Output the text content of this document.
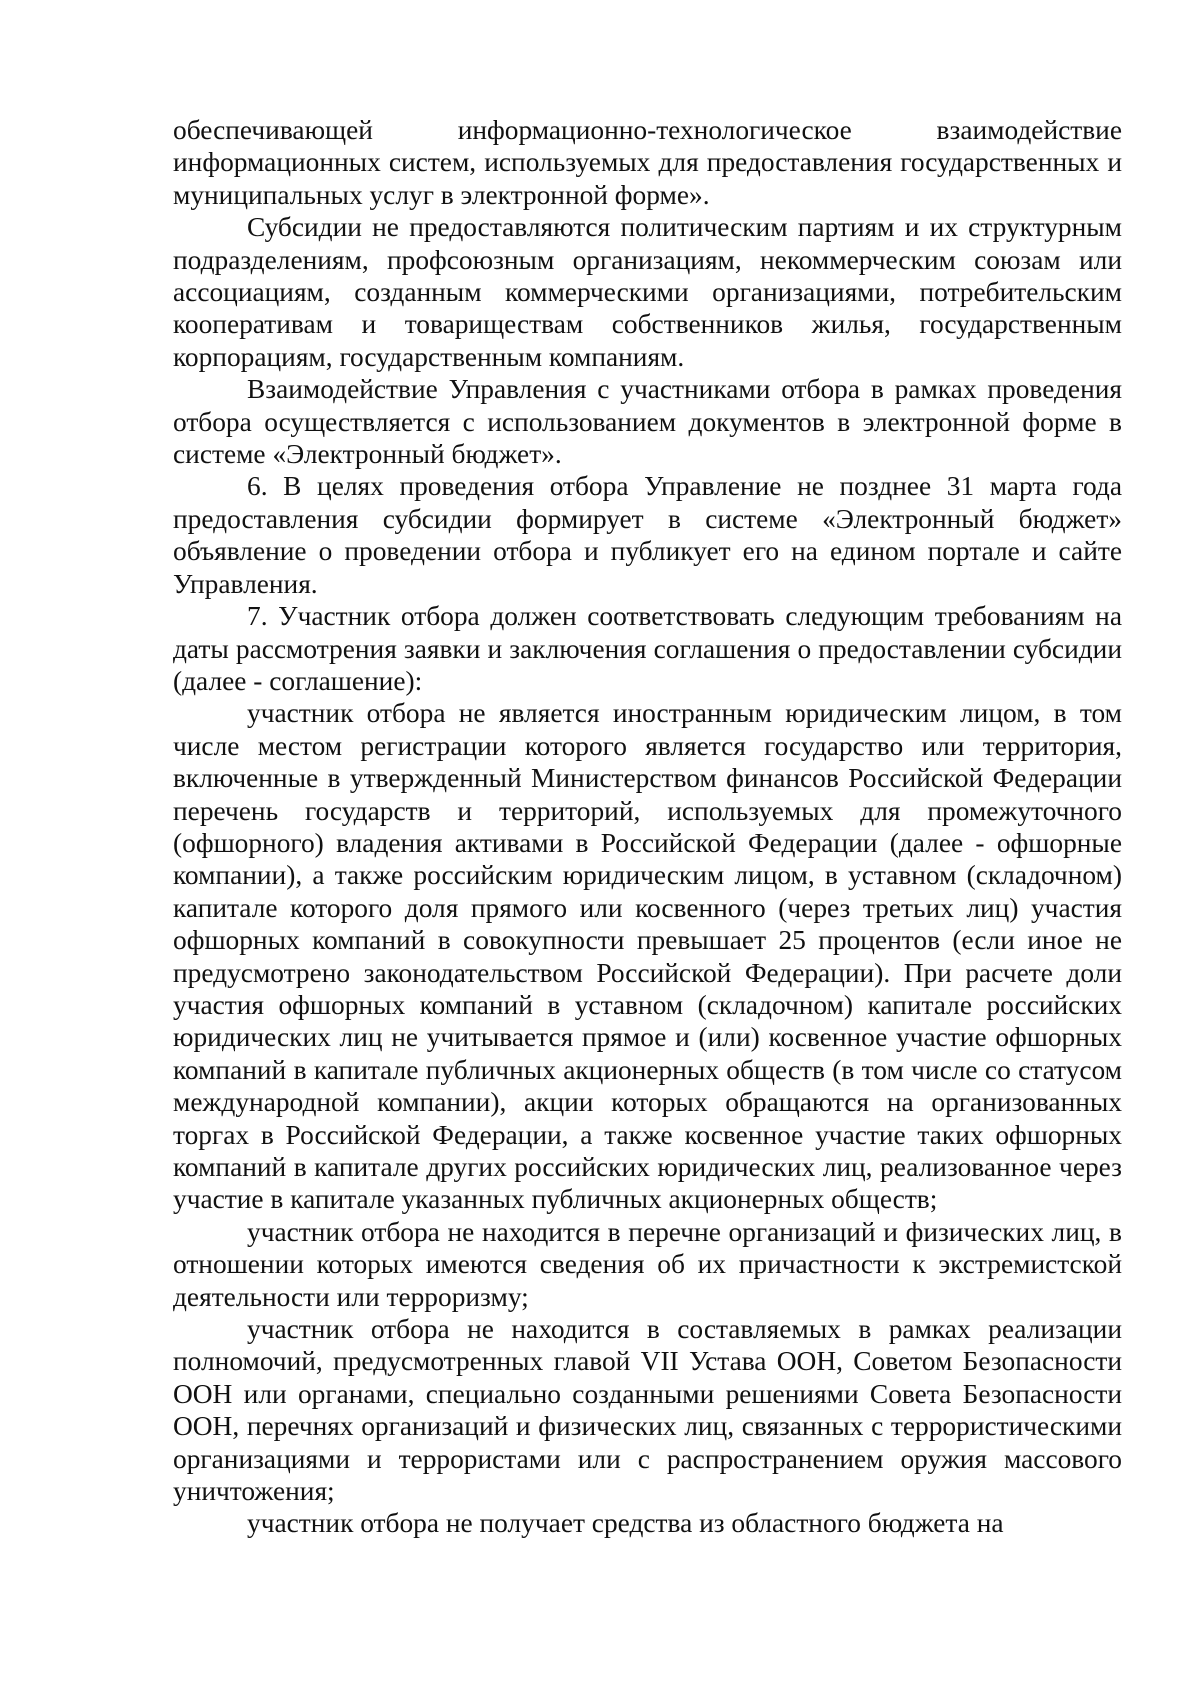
обеспечивающей информационно-технологическое взаимодействие информационных систем, используемых для предоставления государственных и муниципальных услуг в электронной форме».

Субсидии не предоставляются политическим партиям и их структурным подразделениям, профсоюзным организациям, некоммерческим союзам или ассоциациям, созданным коммерческими организациями, потребительским кооперативам и товариществам собственников жилья, государственным корпорациям, государственным компаниям.

Взаимодействие Управления с участниками отбора в рамках проведения отбора осуществляется с использованием документов в электронной форме в системе «Электронный бюджет».

6. В целях проведения отбора Управление не позднее 31 марта года предоставления субсидии формирует в системе «Электронный бюджет» объявление о проведении отбора и публикует его на едином портале и сайте Управления.

7. Участник отбора должен соответствовать следующим требованиям на даты рассмотрения заявки и заключения соглашения о предоставлении субсидии (далее - соглашение):

участник отбора не является иностранным юридическим лицом, в том числе местом регистрации которого является государство или территория, включенные в утвержденный Министерством финансов Российской Федерации перечень государств и территорий, используемых для промежуточного (офшорного) владения активами в Российской Федерации (далее - офшорные компании), а также российским юридическим лицом, в уставном (складочном) капитале которого доля прямого или косвенного (через третьих лиц) участия офшорных компаний в совокупности превышает 25 процентов (если иное не предусмотрено законодательством Российской Федерации). При расчете доли участия офшорных компаний в уставном (складочном) капитале российских юридических лиц не учитывается прямое и (или) косвенное участие офшорных компаний в капитале публичных акционерных обществ (в том числе со статусом международной компании), акции которых обращаются на организованных торгах в Российской Федерации, а также косвенное участие таких офшорных компаний в капитале других российских юридических лиц, реализованное через участие в капитале указанных публичных акционерных обществ;

участник отбора не находится в перечне организаций и физических лиц, в отношении которых имеются сведения об их причастности к экстремистской деятельности или терроризму;

участник отбора не находится в составляемых в рамках реализации полномочий, предусмотренных главой VII Устава ООН, Советом Безопасности ООН или органами, специально созданными решениями Совета Безопасности ООН, перечнях организаций и физических лиц, связанных с террористическими организациями и террористами или с распространением оружия массового уничтожения;

участник отбора не получает средства из областного бюджета на
